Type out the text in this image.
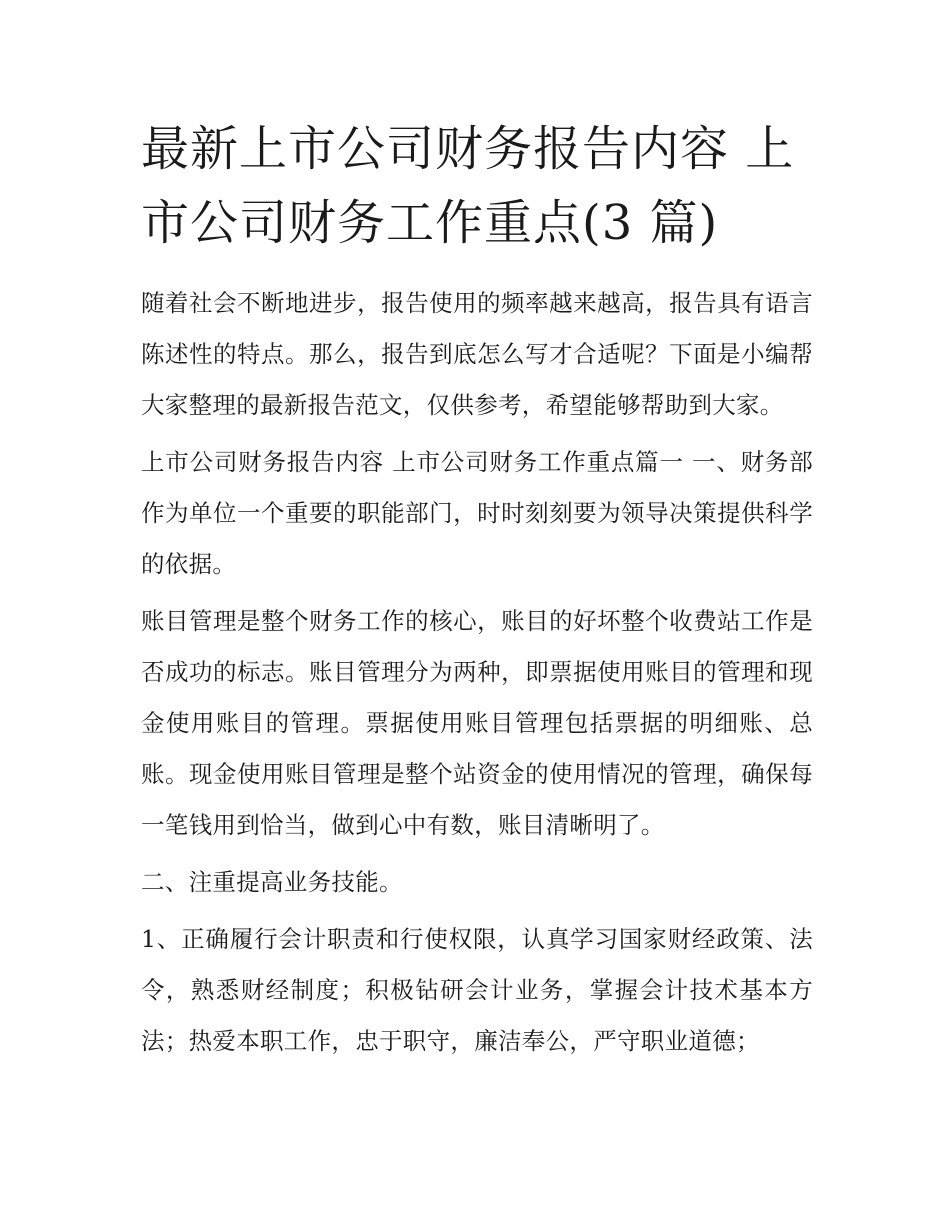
最新上市公司财务报告内容 上市公司财务工作重点(3 篇)

随着社会不断地进步，报告使用的频率越来越高，报告具有语言陈述性的特点。那么，报告到底怎么写才合适呢？下面是小编帮大家整理的最新报告范文，仅供参考，希望能够帮助到大家。

上市公司财务报告内容 上市公司财务工作重点篇一 一、财务部作为单位一个重要的职能部门，时时刻刻要为领导决策提供科学的依据。

账目管理是整个财务工作的核心，账目的好坏整个收费站工作是否成功的标志。账目管理分为两种，即票据使用账目的管理和现金使用账目的管理。票据使用账目管理包括票据的明细账、总账。现金使用账目管理是整个站资金的使用情况的管理，确保每一笔钱用到恰当，做到心中有数，账目清晰明了。

二、注重提高业务技能。

1、正确履行会计职责和行使权限，认真学习国家财经政策、法令，熟悉财经制度；积极钻研会计业务，掌握会计技术基本方法；热爱本职工作，忠于职守，廉洁奉公，严守职业道德；
